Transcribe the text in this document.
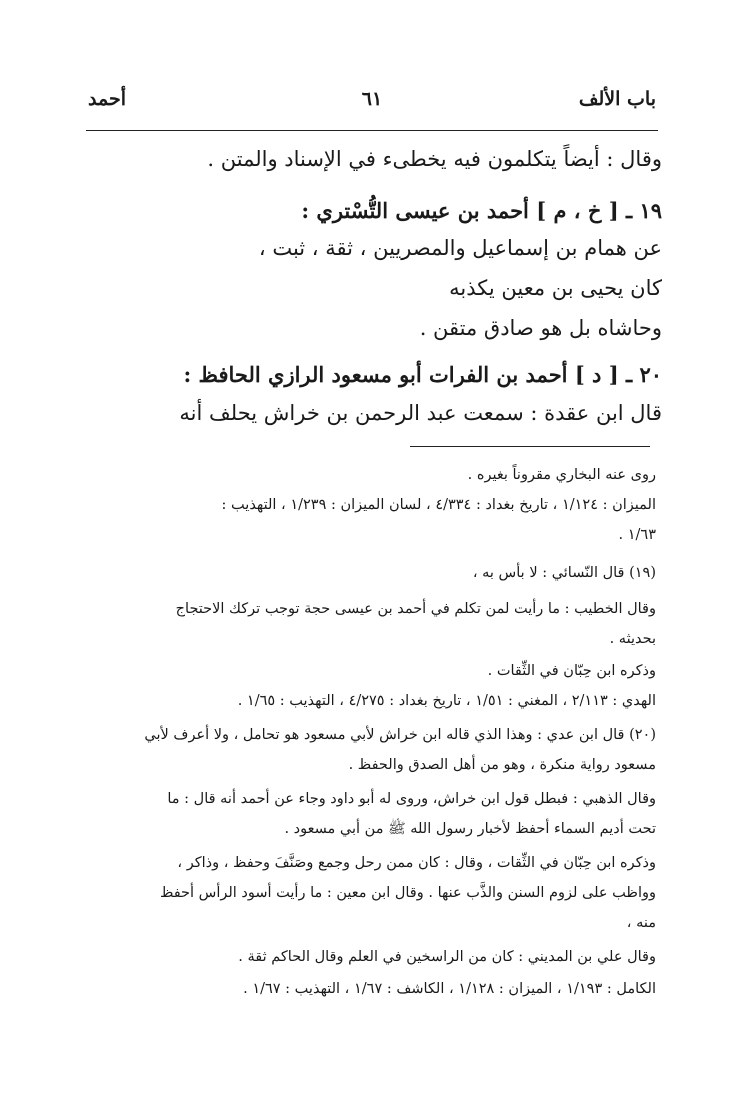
باب الألف
٦١
أحمد
وقال : أيضاً يتكلمون فيه يخطىء في الإسناد والمتن .
١٩ ـ [ خ ، م ] أحمد بن عيسى التُّسْتري :
عن همام بن إسماعيل والمصريين ، ثقة ، ثبت ،
كان يحيى بن معين يكذبه
وحاشاه بل هو صادق متقن .
٢٠ ـ [ د ] أحمد بن الفرات أبو مسعود الرازي الحافظ :
قال ابن عقدة : سمعت عبد الرحمن بن خراش يحلف أنه
روى عنه البخاري مقروناً بغيره .
الميزان : ١/١٢٤ ، تاريخ بغداد : ٤/٣٣٤ ، لسان الميزان : ١/٢٣٩ ، التهذيب :
١/٦٣ .
(١٩) قال النّسائي : لا بأس به ،
وقال الخطيب : ما رأيت لمن تكلم في أحمد بن عيسى حجة توجب تركك الاحتجاج
بحديثه .
وذكره ابن حِبّان في الثِّقات .
الهدي : ٢/١١٣ ، المغني : ١/٥١ ، تاريخ بغداد : ٤/٢٧٥ ، التهذيب : ١/٦٥ .
(٢٠) قال ابن عدي : وهذا الذي قاله ابن خراش لأبي مسعود هو تحامل ، ولا أعرف لأبي
مسعود رواية منكرة ، وهو من أهل الصدق والحفظ .
وقال الذهبي : فبطل قول ابن خراش، وروى له أبو داود وجاء عن أحمد أنه قال : ما
تحت أديم السماء أحفظ لأخبار رسول الله ﷺ من أبي مسعود .
وذكره ابن حِبّان في الثِّقات ، وقال : كان ممن رحل وجمع وصَنَّفَ وحفظ ، وذاكر ،
وواظب على لزوم السنن والذَّب عنها . وقال ابن معين : ما رأيت أسود الرأس أحفظ
منه ،
وقال علي بن المديني : كان من الراسخين في العلم وقال الحاكم ثقة .
الكامل : ١/١٩٣ ، الميزان : ١/١٢٨ ، الكاشف : ١/٦٧ ، التهذيب : ١/٦٧ .
